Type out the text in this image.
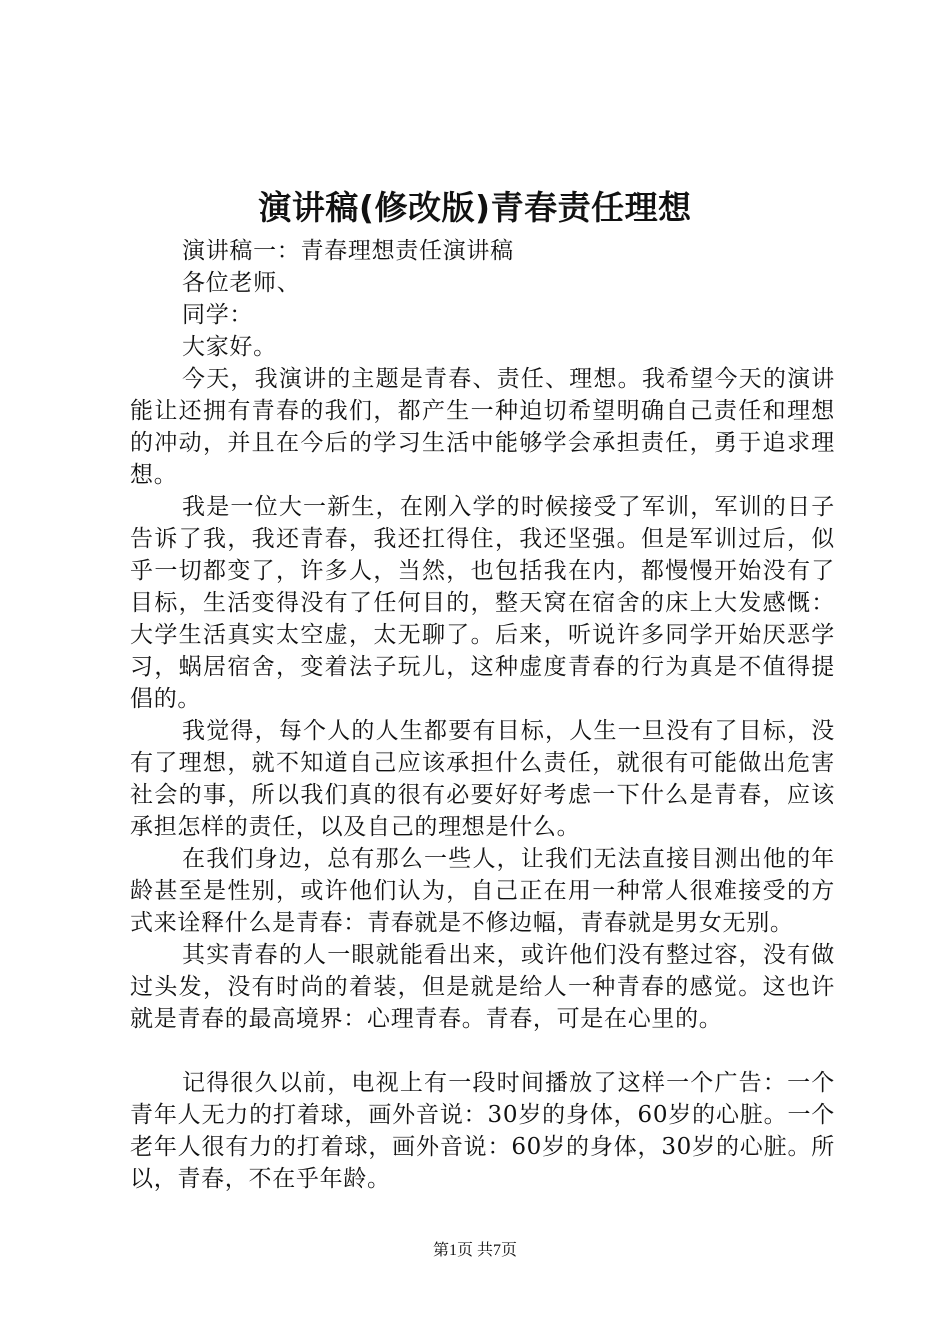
演讲稿(修改版)青春责任理想

演讲稿一：青春理想责任演讲稿

各位老师、

同学：

大家好。

今天，我演讲的主题是青春、责任、理想。我希望今天的演讲能让还拥有青春的我们，都产生一种迫切希望明确自己责任和理想的冲动，并且在今后的学习生活中能够学会承担责任，勇于追求理想。

我是一位大一新生，在刚入学的时候接受了军训，军训的日子告诉了我，我还青春，我还扛得住，我还坚强。但是军训过后，似乎一切都变了，许多人，当然，也包括我在内，都慢慢开始没有了目标，生活变得没有了任何目的，整天窝在宿舍的床上大发感慨：大学生活真实太空虚，太无聊了。后来，听说许多同学开始厌恶学习，蜗居宿舍，变着法子玩儿，这种虚度青春的行为真是不值得提倡的。

我觉得，每个人的人生都要有目标，人生一旦没有了目标，没有了理想，就不知道自己应该承担什么责任，就很有可能做出危害社会的事，所以我们真的很有必要好好考虑一下什么是青春，应该承担怎样的责任，以及自己的理想是什么。

在我们身边，总有那么一些人，让我们无法直接目测出他的年龄甚至是性别，或许他们认为，自己正在用一种常人很难接受的方式来诠释什么是青春：青春就是不修边幅，青春就是男女无别。

其实青春的人一眼就能看出来，或许他们没有整过容，没有做过头发，没有时尚的着装，但是就是给人一种青春的感觉。这也许就是青春的最高境界：心理青春。青春，可是在心里的。

记得很久以前，电视上有一段时间播放了这样一个广告：一个青年人无力的打着球，画外音说：30岁的身体，60岁的心脏。一个老年人很有力的打着球，画外音说：60岁的身体，30岁的心脏。所以，青春，不在乎年龄。

第1页 共7页
